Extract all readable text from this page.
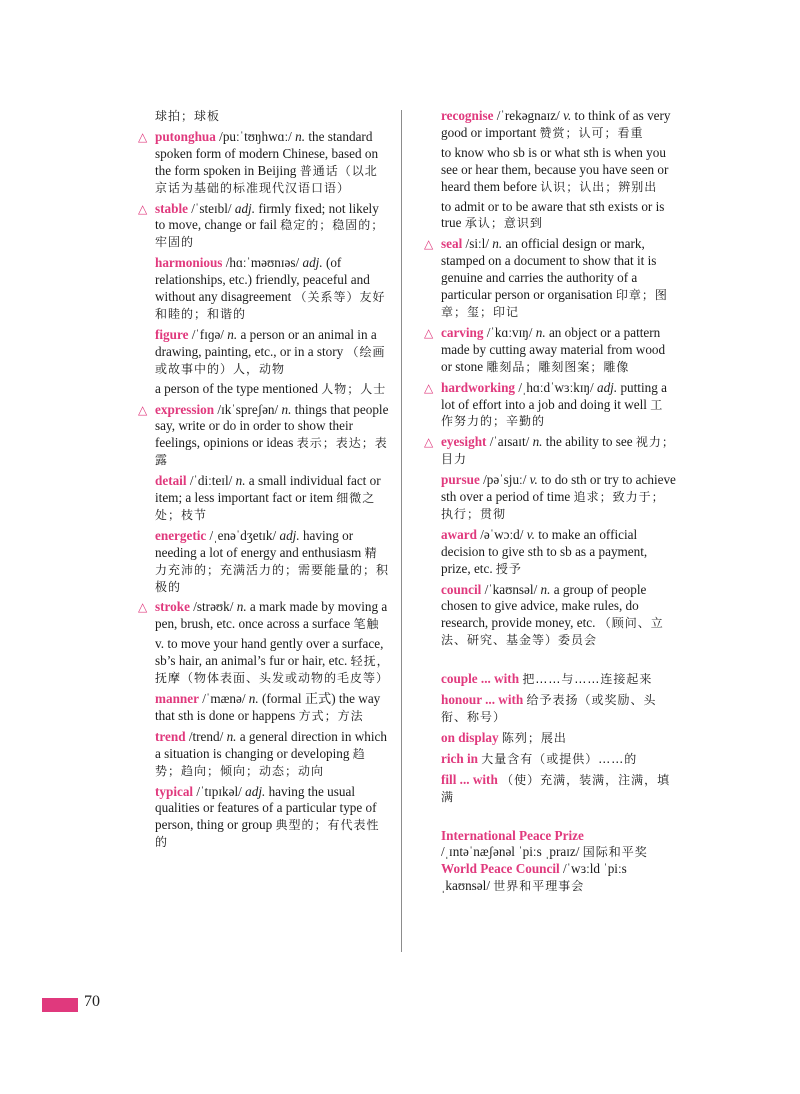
球拍；球板
△ putonghua /puːˈtʊŋhwɑː/ n. the standard spoken form of modern Chinese, based on the form spoken in Beijing 普通话（以北京话为基础的标准现代汉语口语）
△ stable /ˈsteɪbl/ adj. firmly fixed; not likely to move, change or fail 稳定的；稳固的；牢固的
harmonious /hɑːˈməʊnɪəs/ adj. (of relationships, etc.) friendly, peaceful and without any disagreement （关系等）友好和睦的；和谐的
figure /ˈfɪɡə/ n. a person or an animal in a drawing, painting, etc., or in a story （绘画或故事中的）人，动物
a person of the type mentioned 人物；人士
△ expression /ɪkˈspreʃən/ n. things that people say, write or do in order to show their feelings, opinions or ideas 表示；表达；表露
detail /ˈdiːteɪl/ n. a small individual fact or item; a less important fact or item 细微之处；枝节
energetic /ˌenəˈdʒetɪk/ adj. having or needing a lot of energy and enthusiasm 精力充沛的；充满活力的；需要能量的；积极的
△ stroke /strəʊk/ n. a mark made by moving a pen, brush, etc. once across a surface 笔触
v. to move your hand gently over a surface, sb’s hair, an animal’s fur or hair, etc. 轻抚，抚摩（物体表面、头发或动物的毛皮等）
manner /ˈmænə/ n. (formal 正式) the way that sth is done or happens 方式；方法
trend /trend/ n. a general direction in which a situation is changing or developing 趋势；趋向；倾向；动态；动向
typical /ˈtɪpɪkəl/ adj. having the usual qualities or features of a particular type of person, thing or group 典型的；有代表性的
recognise /ˈrekəgnaɪz/ v. to think of as very good or important 赞赏；认可；看重
to know who sb is or what sth is when you see or hear them, because you have seen or heard them before 认识；认出；辨别出
to admit or to be aware that sth exists or is true 承认；意识到
△ seal /siːl/ n. an official design or mark, stamped on a document to show that it is genuine and carries the authority of a particular person or organisation 印章；图章；玺；印记
△ carving /ˈkɑːvɪŋ/ n. an object or a pattern made by cutting away material from wood or stone 雕刻品；雕刻图案；雕像
△ hardworking /ˌhɑːdˈwɜːkɪŋ/ adj. putting a lot of effort into a job and doing it well 工作努力的；辛勤的
△ eyesight /ˈaɪsaɪt/ n. the ability to see 视力；目力
pursue /pəˈsjuː/ v. to do sth or try to achieve sth over a period of time 追求；致力于；执行；贯彻
award /əˈwɔːd/ v. to make an official decision to give sth to sb as a payment, prize, etc. 授予
council /ˈkaʊnsəl/ n. a group of people chosen to give advice, make rules, do research, provide money, etc. （顾问、立法、研究、基金等）委员会
couple ... with 把……与……连接起来
honour ... with 给予表扬（或奖励、头衔、称号）
on display 陈列；展出
rich in 大量含有（或提供）……的
fill ... with （使）充满，装满，注满，填满
International Peace Prize
/ˌɪntəˈnæʃənəl ˈpiːs ˌpraɪz/ 国际和平奖
World Peace Council /ˈwɜːld ˈpiːs ˌkaʊnsəl/ 世界和平理事会
70
